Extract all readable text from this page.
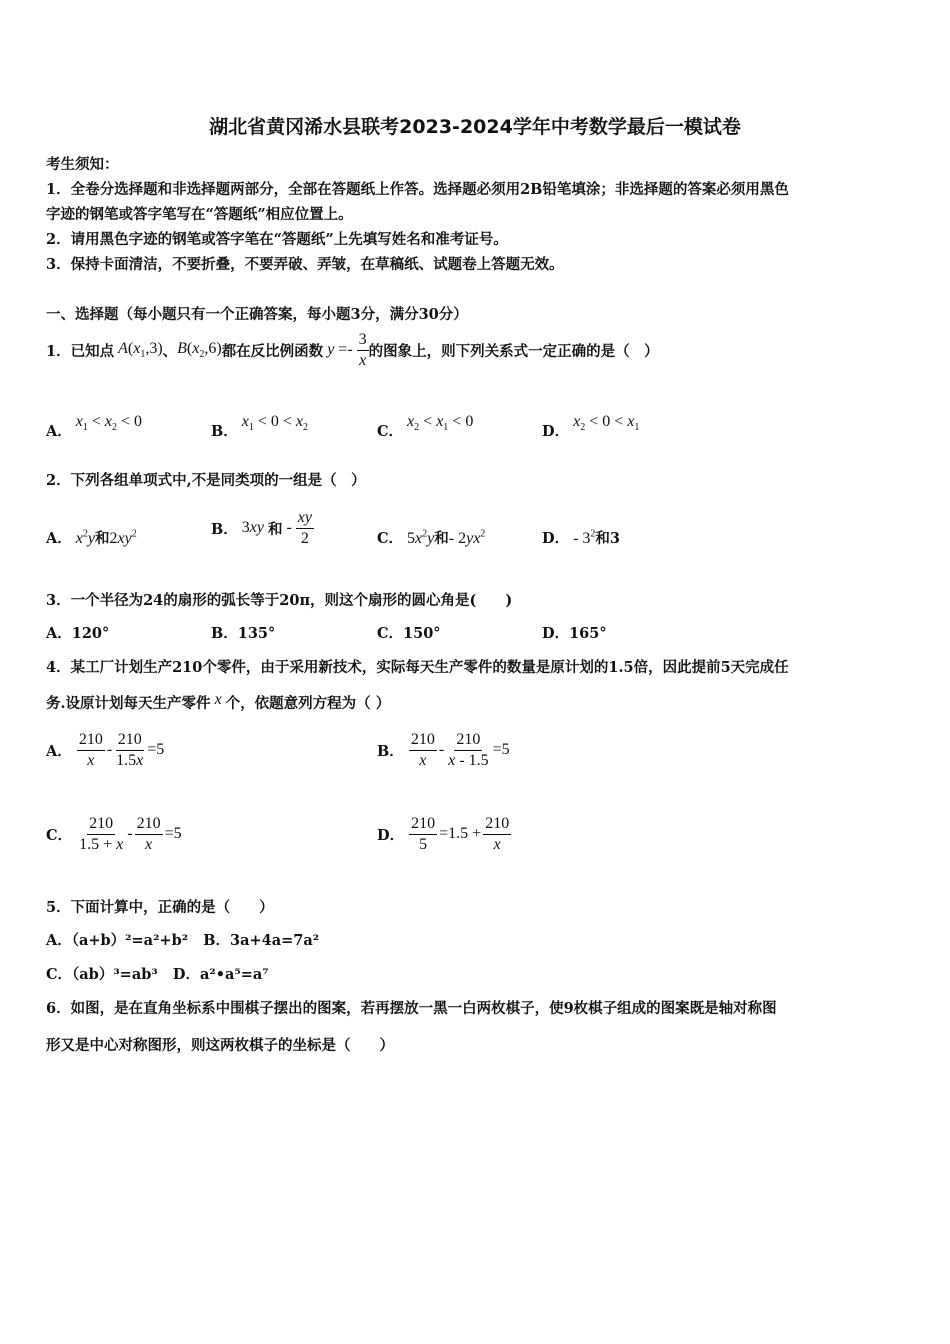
湖北省黄冈浠水县联考2023-2024学年中考数学最后一模试卷
考生须知：
1．全卷分选择题和非选择题两部分，全部在答题纸上作答。选择题必须用2B铅笔填涂；非选择题的答案必须用黑色
字迹的钢笔或答字笔写在“答题纸”相应位置上。
2．请用黑色字迹的钢笔或答字笔在“答题纸”上先填写姓名和准考证号。
3．保持卡面清洁，不要折叠，不要弄破、弄皱，在草稿纸、试题卷上答题无效。
一、选择题（每小题只有一个正确答案，每小题3分，满分30分）
1．已知点 $A(x_1,3)$ 、 $B(x_2,6)$ 都在反比例函数
$y =- \frac{3}{x}$ 的图象上，则下列关系式一定正确的是（　）
A． $x_1 < x_2 < 0$
B． $x_1 < 0 < x_2$	C． $x_2 < x_1 < 0$
D． $x_2 < 0 < x_1$
2．下列各组单项式中,不是同类项的一组是（　）
A． $x^2y$和$2xy^2$	B． 3xy 和 - $\frac{xy}{2}$	C． $5x^2y$和- $2yx^2$	D． - $3^2$和3
3．一个半径为24的扇形的弧长等于20π，则这个扇形的圆心角是(　　)
A．120°	B．135°	C．150°	D．165°
4．某工厂计划生产210个零件，由于采用新技术，实际每天生产零件的数量是原计划的1.5倍，因此提前5天完成任
务.设原计划每天生产零件 x 个，依题意列方程为（ ）
A．
$\frac{210}{x} - \frac{210}{1.5x} =5$	B．
$\frac{210}{x} - \frac{210}{x - 1.5} =5$
C．
$\frac{210}{1.5 + x} - \frac{210}{x} =5$	D．
$\frac{210}{5} =1.5 + \frac{210}{x}$
5．下面计算中，正确的是（　　）
A．（a+b）²=a²+b² B．3a+4a=7a²
C．（ab）³=ab³ D．a²•a⁵=a⁷
6．如图，是在直角坐标系中围棋子摆出的图案，若再摆放一黑一白两枚棋子，使9枚棋子组成的图案既是轴对称图
形又是中心对称图形，则这两枚棋子的坐标是（　　）
